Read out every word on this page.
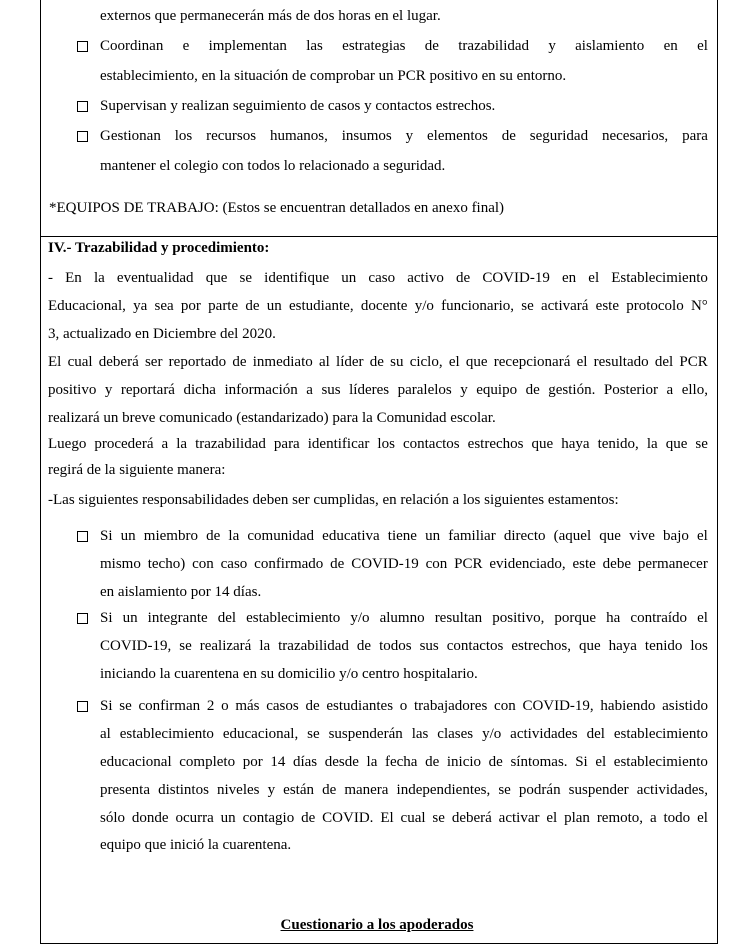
externos que permanecerán más de dos horas en el lugar.
Coordinan e implementan las estrategias de trazabilidad y aislamiento en el
establecimiento, en la situación de comprobar un PCR positivo en su entorno.
Supervisan y realizan seguimiento de casos y contactos estrechos.
Gestionan los recursos humanos, insumos y elementos de seguridad necesarios, para
mantener el colegio con todos lo relacionado a seguridad.
*EQUIPOS DE TRABAJO: (Estos se encuentran detallados en anexo final)
IV.- Trazabilidad y procedimiento:
- En la eventualidad que se identifique un caso activo de COVID-19 en el Establecimiento
Educacional, ya sea por parte de un estudiante, docente y/o funcionario, se activará este protocolo N°
3, actualizado en Diciembre del 2020.
El cual deberá ser reportado de inmediato al líder de su ciclo, el que recepcionará el resultado del PCR
positivo y reportará dicha información a sus líderes paralelos y equipo de gestión. Posterior a ello,
realizará un breve comunicado (estandarizado) para la Comunidad escolar.
Luego procederá a la trazabilidad para identificar los contactos estrechos que haya tenido, la que se
regirá de la siguiente manera:
-Las siguientes responsabilidades deben ser cumplidas, en relación a los siguientes estamentos:
Si un miembro de la comunidad educativa tiene un familiar directo (aquel que vive bajo el
mismo techo) con caso confirmado de COVID-19 con PCR evidenciado, este debe permanecer
en aislamiento por 14 días.
Si un integrante del establecimiento y/o alumno resultan positivo, porque ha contraído el
COVID-19, se realizará la trazabilidad de todos sus contactos estrechos, que haya tenido los
iniciando la cuarentena en su domicilio y/o centro hospitalario.
Si se confirman 2 o más casos de estudiantes o trabajadores con COVID-19, habiendo asistido
al establecimiento educacional, se suspenderán las clases y/o actividades del establecimiento
educacional completo por 14 días desde la fecha de inicio de síntomas. Si el establecimiento
presenta distintos niveles y están de manera independientes, se podrán suspender actividades,
sólo donde ocurra un contagio de COVID. El cual se deberá activar el plan remoto, a todo el
equipo que inició la cuarentena.
Cuestionario a los apoderados
